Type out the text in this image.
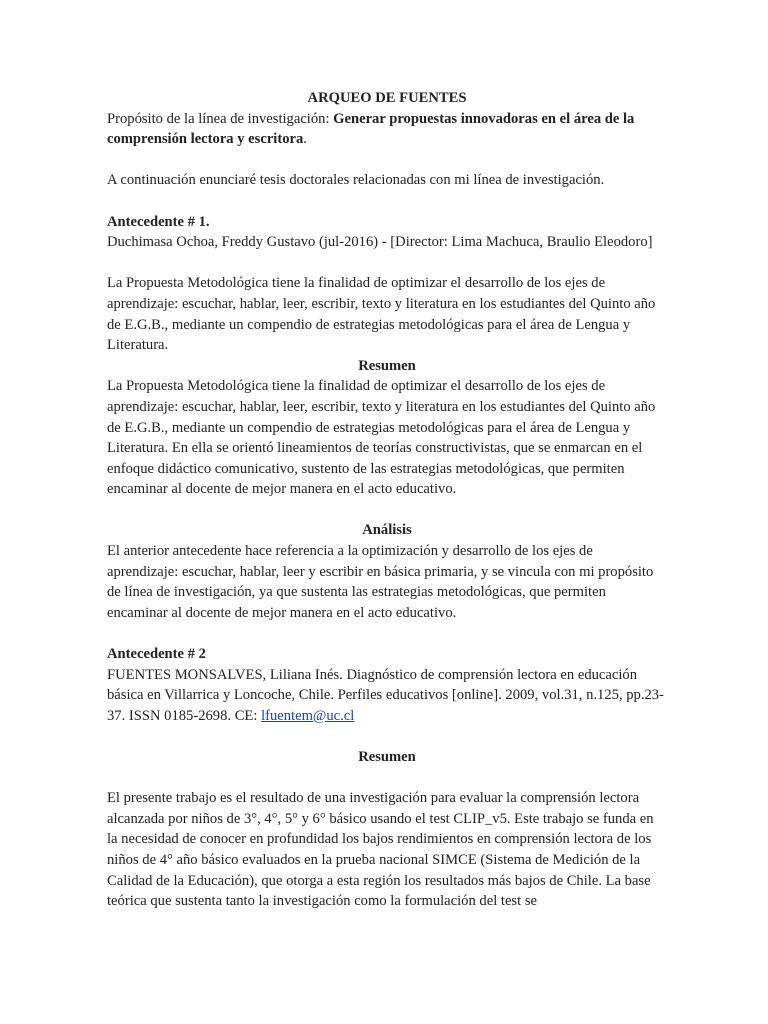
ARQUEO DE FUENTES

Propósito de la línea de investigación: Generar propuestas innovadoras en el área de la comprensión lectora y escritora.

A continuación enunciaré tesis doctorales relacionadas con mi línea de investigación.

Antecedente # 1.

Duchimasa Ochoa, Freddy Gustavo (jul-2016) - [Director: Lima Machuca, Braulio Eleodoro]

La Propuesta Metodológica tiene la finalidad de optimizar el desarrollo de los ejes de aprendizaje: escuchar, hablar, leer, escribir, texto y literatura en los estudiantes del Quinto año de E.G.B., mediante un compendio de estrategias metodológicas para el área de Lengua y Literatura.

Resumen

La Propuesta Metodológica tiene la finalidad de optimizar el desarrollo de los ejes de aprendizaje: escuchar, hablar, leer, escribir, texto y literatura en los estudiantes del Quinto año de E.G.B., mediante un compendio de estrategias metodológicas para el área de Lengua y Literatura. En ella se orientó lineamientos de teorías constructivistas, que se enmarcan en el enfoque didáctico comunicativo, sustento de las estrategias metodológicas, que permiten encaminar al docente de mejor manera en el acto educativo.

Análisis

El anterior antecedente hace referencia a la optimización y desarrollo de los ejes de aprendizaje: escuchar, hablar, leer y escribir en básica primaria, y se vincula con mi propósito de línea de investigación, ya que sustenta las estrategias metodológicas, que permiten encaminar al docente de mejor manera en el acto educativo.

Antecedente # 2

FUENTES MONSALVES, Liliana Inés. Diagnóstico de comprensión lectora en educación básica en Villarrica y Loncoche, Chile. Perfiles educativos [online]. 2009, vol.31, n.125, pp.23-37. ISSN 0185-2698. CE: lfuentem@uc.cl

Resumen

El presente trabajo es el resultado de una investigación para evaluar la comprensión lectora alcanzada por niños de 3°, 4°, 5° y 6° básico usando el test CLIP_v5. Este trabajo se funda en la necesidad de conocer en profundidad los bajos rendimientos en comprensión lectora de los niños de 4° año básico evaluados en la prueba nacional SIMCE (Sistema de Medición de la Calidad de la Educación), que otorga a esta región los resultados más bajos de Chile. La base teórica que sustenta tanto la investigación como la formulación del test se
